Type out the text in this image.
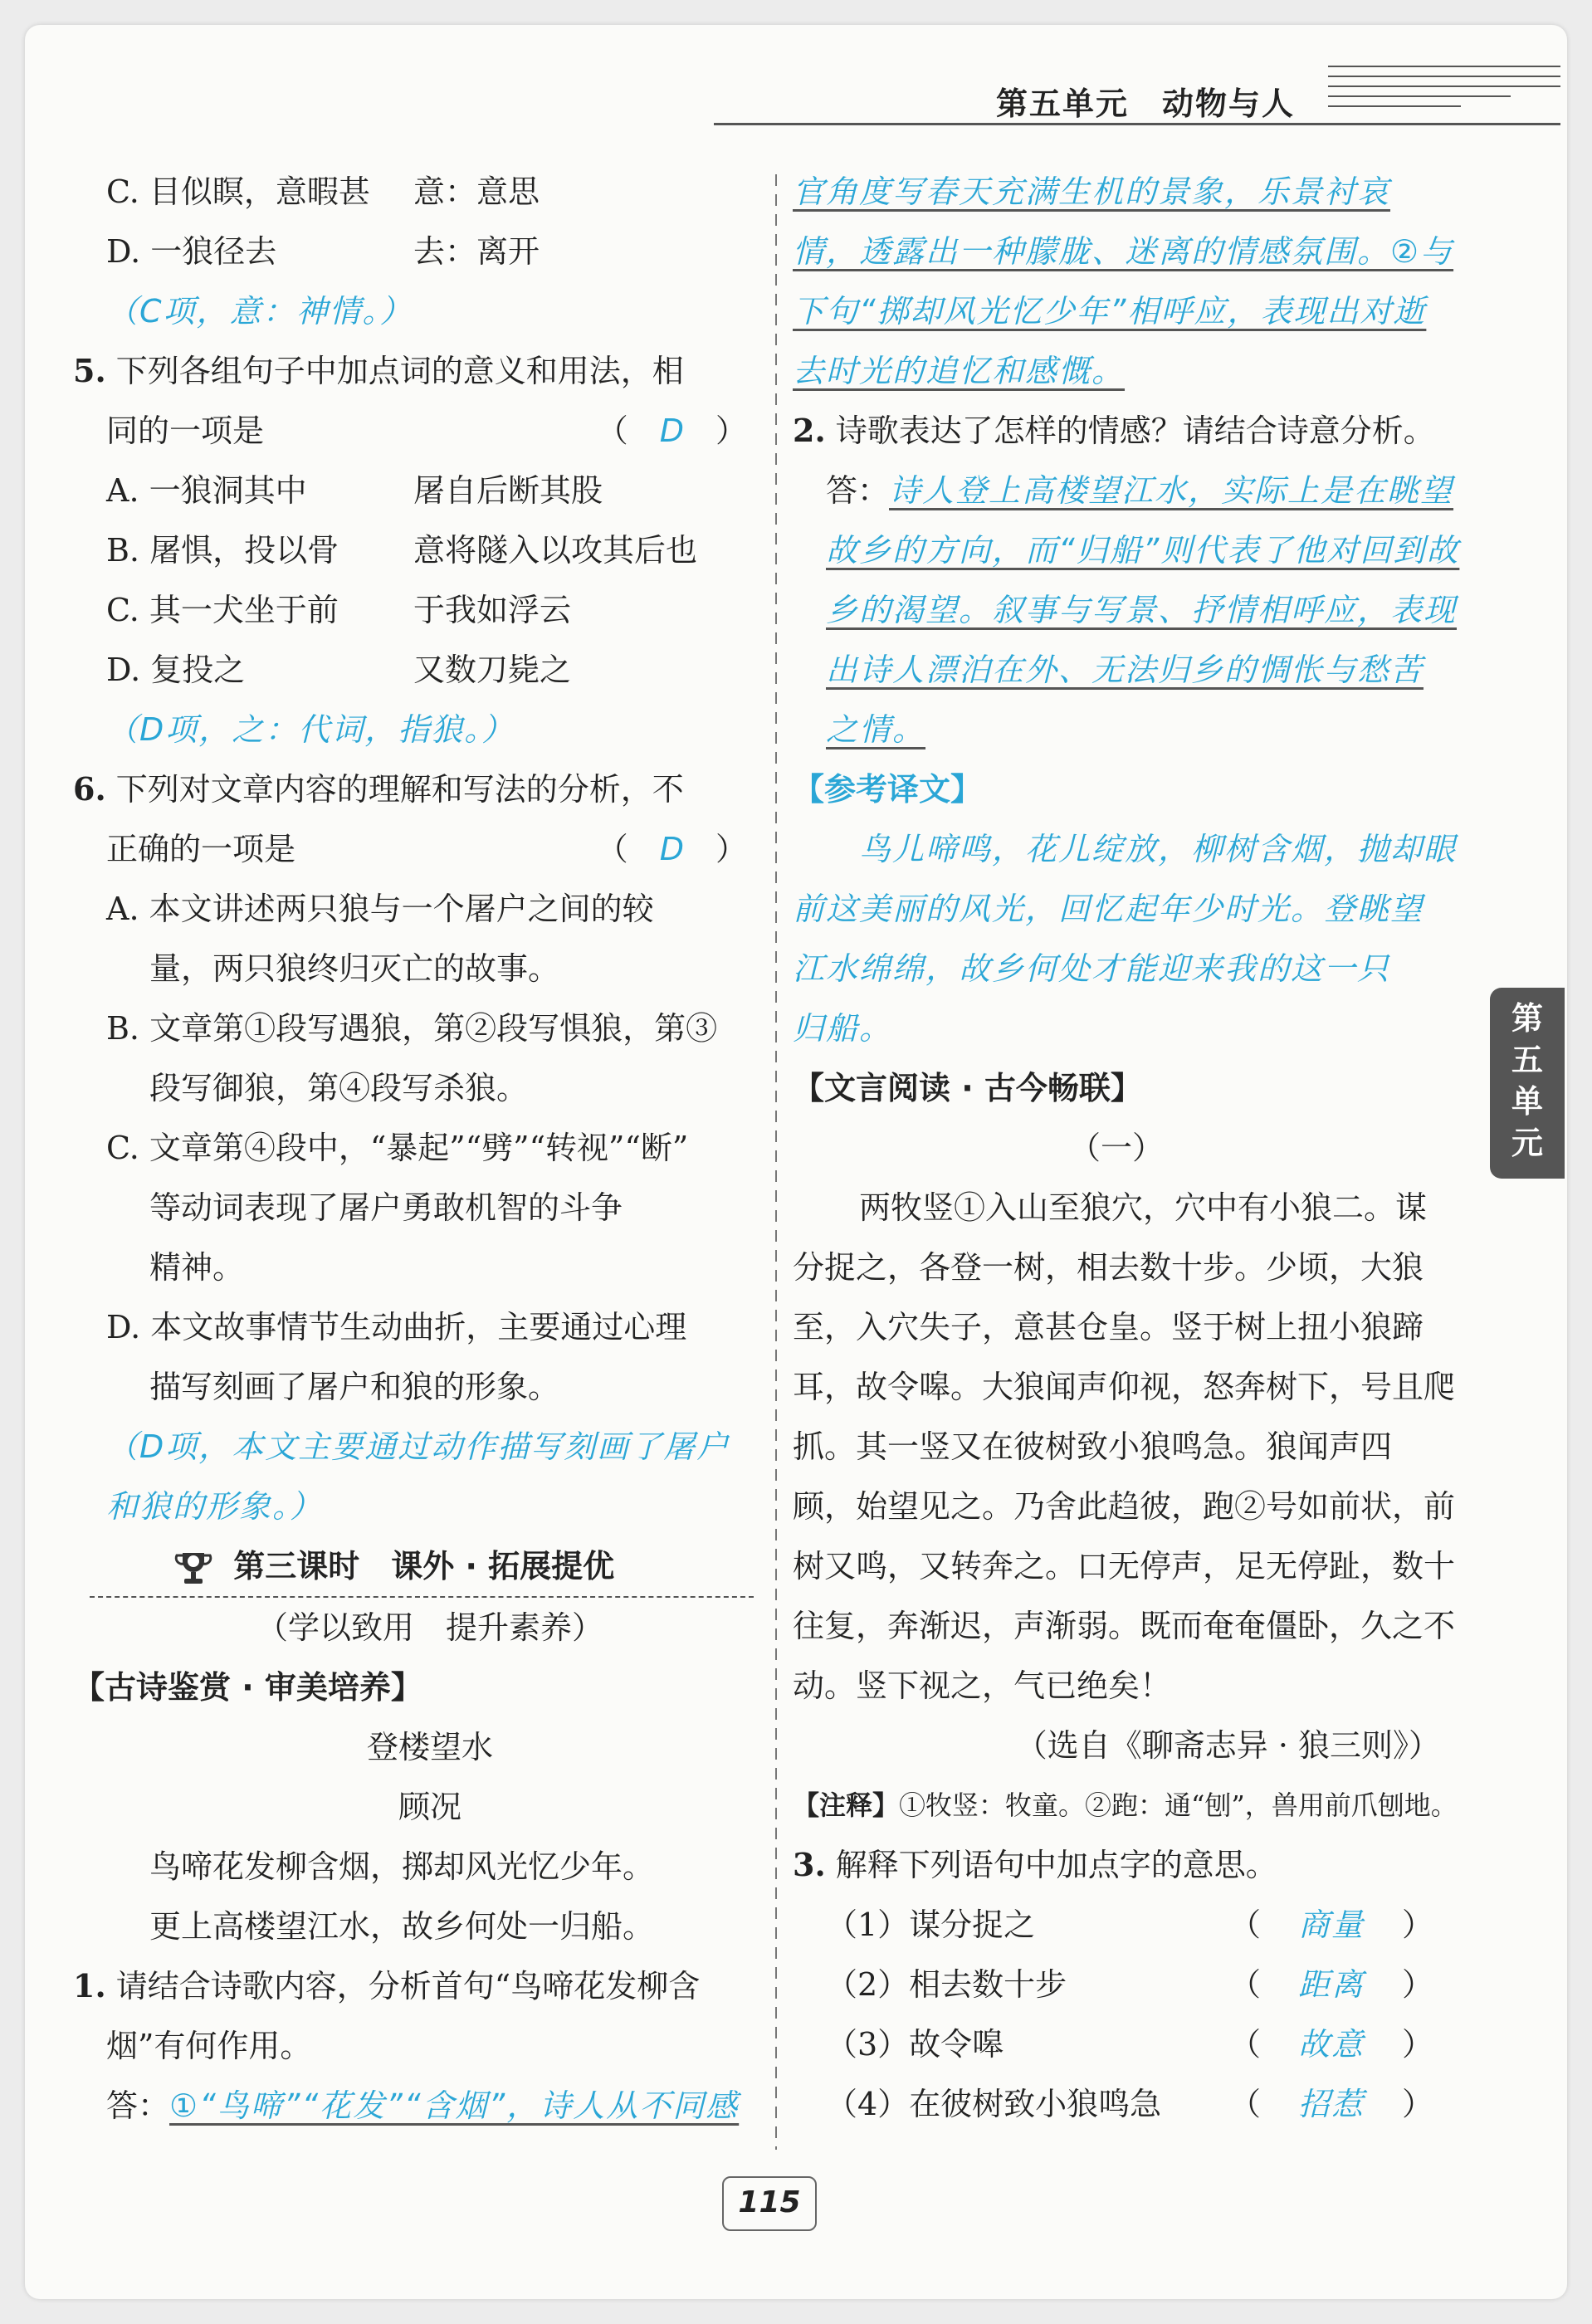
第五单元　动物与人
C. 目似瞑，意暇甚 意：意思
D. 一狼径去	去：离开
（C项，意：神情。）
5. 下列各组句子中加点词的意义和用法，相
同的一项是	（　D　）
A. 一狼洞其中	屠自后断其股
B. 屠惧，投以骨 意将隧入以攻其后也
C. 其一犬坐于前 于我如浮云
D. 复投之	又数刀毙之
（D项，之：代词，指狼。）
6. 下列对文章内容的理解和写法的分析，不
正确的一项是	（　D　）
A. 本文讲述两只狼与一个屠户之间的较
量，两只狼终归灭亡的故事。
B. 文章第①段写遇狼，第②段写惧狼，第③
段写御狼，第④段写杀狼。
C. 文章第④段中，“暴起”“劈”“转视”“断”
等动词表现了屠户勇敢机智的斗争
精神。
D. 本文故事情节生动曲折，主要通过心理
描写刻画了屠户和狼的形象。
（D项，本文主要通过动作描写刻画了屠户
和狼的形象。）
第三课时　课外 · 拓展提优
（学以致用　提升素养）
【古诗鉴赏 · 审美培养】
登楼望水
顾况
鸟啼花发柳含烟，掷却风光忆少年。
更上高楼望江水，故乡何处一归船。
1. 请结合诗歌内容，分析首句“鸟啼花发柳含
烟”有何作用。
答：①“鸟啼”“花发”“含烟”，诗人从不同感
官角度写春天充满生机的景象，乐景衬哀
情，透露出一种朦胧、迷离的情感氛围。②与
下句“掷却风光忆少年”相呼应，表现出对逝
去时光的追忆和感慨。
2. 诗歌表达了怎样的情感？请结合诗意分析。
答：诗人登上高楼望江水，实际上是在眺望
故乡的方向，而“归船”则代表了他对回到故
乡的渴望。叙事与写景、抒情相呼应，表现
出诗人漂泊在外、无法归乡的惆怅与愁苦
之情。
【参考译文】
鸟儿啼鸣，花儿绽放，柳树含烟，抛却眼
前这美丽的风光，回忆起年少时光。登眺望
江水绵绵，故乡何处才能迎来我的这一只
归船。
【文言阅读 · 古今畅联】
（一）
两牧竖①入山至狼穴，穴中有小狼二。谋
分捉之，各登一树，相去数十步。少顷，大狼
至，入穴失子，意甚仓皇。竖于树上扭小狼蹄
耳，故令嗥。大狼闻声仰视，怒奔树下，号且爬
抓。其一竖又在彼树致小狼鸣急。狼闻声四
顾，始望见之。乃舍此趋彼，跑②号如前状，前
树又鸣，又转奔之。口无停声，足无停趾，数十
往复，奔渐迟，声渐弱。既而奄奄僵卧，久之不
动。竖下视之，气已绝矣！
（选自《聊斋志异 · 狼三则》）
【注释】①牧竖：牧童。②跑：通“刨”，兽用前爪刨地。
3. 解释下列语句中加点字的意思。
（1）谋分捉之	（ 商量 ）
（2）相去数十步	（ 距离 ）
（3）故令嗥	（ 故意 ）
（4）在彼树致小狼鸣急 （ 招惹 ）
第五单元
115
